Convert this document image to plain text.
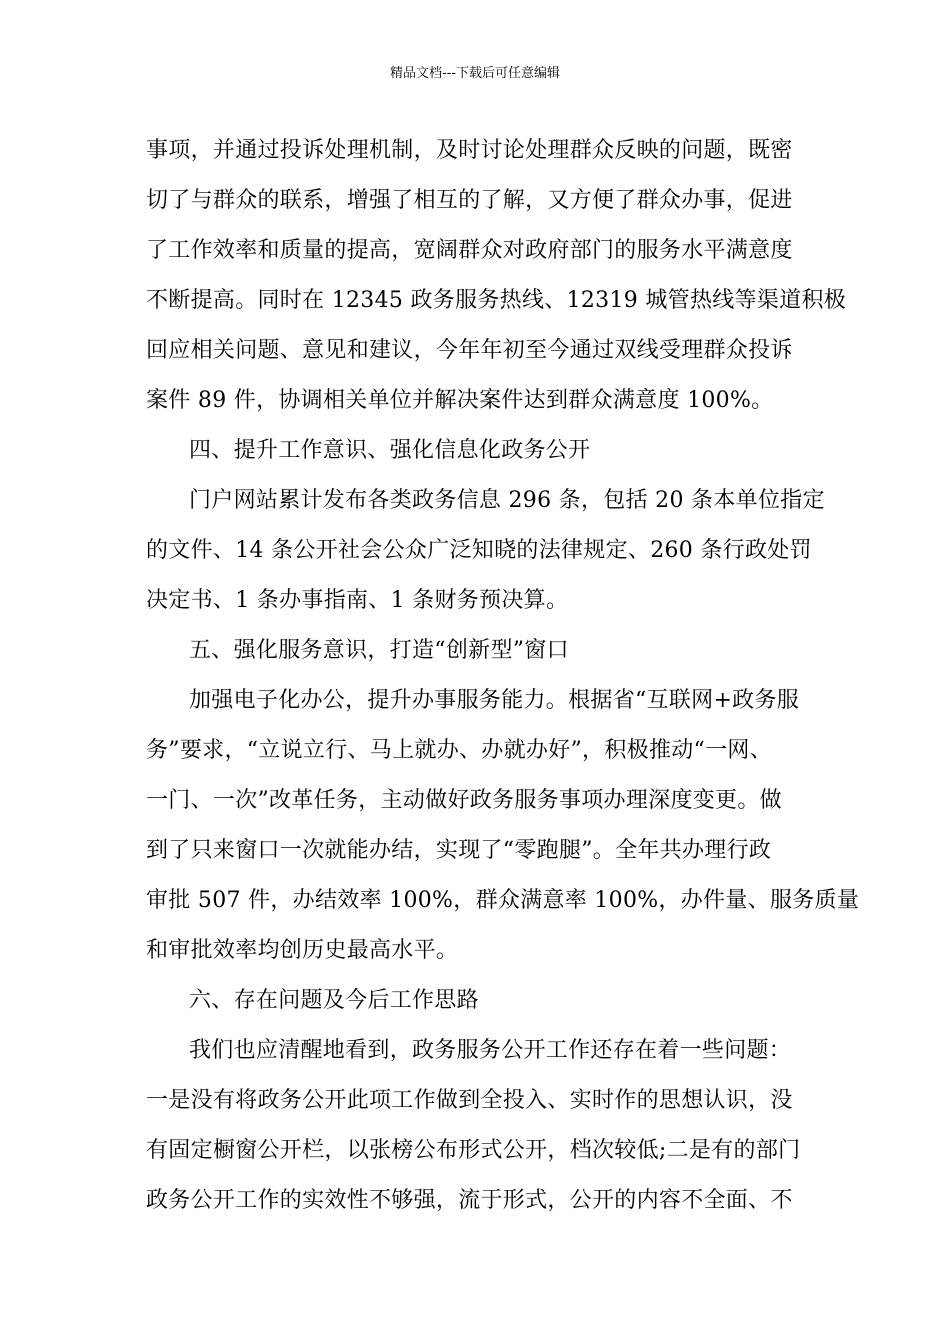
精品文档---下载后可任意编辑
事项，并通过投诉处理机制，及时讨论处理群众反映的问题，既密
切了与群众的联系，增强了相互的了解，又方便了群众办事，促进
了工作效率和质量的提高，宽阔群众对政府部门的服务水平满意度
不断提高。同时在 12345 政务服务热线、12319 城管热线等渠道积极
回应相关问题、意见和建议，今年年初至今通过双线受理群众投诉
案件 89 件，协调相关单位并解决案件达到群众满意度 100%。
四、提升工作意识、强化信息化政务公开
门户网站累计发布各类政务信息 296 条，包括 20 条本单位指定
的文件、14 条公开社会公众广泛知晓的法律规定、260 条行政处罚
决定书、1 条办事指南、1 条财务预决算。
五、强化服务意识，打造“创新型”窗口
加强电子化办公，提升办事服务能力。根据省“互联网+政务服
务”要求，“立说立行、马上就办、办就办好”，积极推动“一网、
一门、一次”改革任务，主动做好政务服务事项办理深度变更。做
到了只来窗口一次就能办结，实现了“零跑腿”。全年共办理行政
审批 507 件，办结效率 100%，群众满意率 100%，办件量、服务质量
和审批效率均创历史最高水平。
六、存在问题及今后工作思路
我们也应清醒地看到，政务服务公开工作还存在着一些问题：
一是没有将政务公开此项工作做到全投入、实时作的思想认识，没
有固定橱窗公开栏，以张榜公布形式公开，档次较低;二是有的部门
政务公开工作的实效性不够强，流于形式，公开的内容不全面、不
